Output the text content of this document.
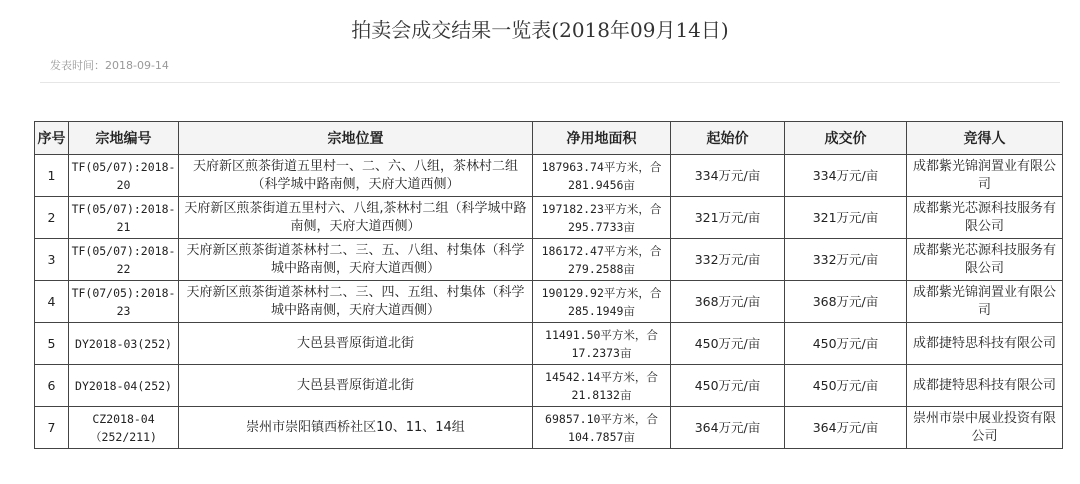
拍卖会成交结果一览表(2018年09月14日)
发表时间：2018-09-14
序号	宗地编号	宗地位置	净用地面积	起始价	成交价	竞得人
1	TF(05/07):2018-20	天府新区煎茶街道五里村一、二、六、八组，茶林村二组（科学城中路南侧，天府大道西侧）	187963.74平方米，合281.9456亩	334万元/亩	334万元/亩	成都紫光锦润置业有限公司
2	TF(05/07):2018-21	天府新区煎茶街道五里村六、八组,茶林村二组（科学城中路南侧，天府大道西侧）	197182.23平方米，合295.7733亩	321万元/亩	321万元/亩	成都紫光芯源科技服务有限公司
3	TF(05/07):2018-22	天府新区煎茶街道茶林村二、三、五、八组、村集体（科学城中路南侧，天府大道西侧）	186172.47平方米，合279.2588亩	332万元/亩	332万元/亩	成都紫光芯源科技服务有限公司
4	TF(07/05):2018-23	天府新区煎茶街道茶林村二、三、四、五组、村集体（科学城中路南侧，天府大道西侧）	190129.92平方米，合285.1949亩	368万元/亩	368万元/亩	成都紫光锦润置业有限公司
5	DY2018-03(252)	大邑县晋原街道北街	11491.50平方米，合17.2373亩	450万元/亩	450万元/亩	成都捷特思科技有限公司
6	DY2018-04(252)	大邑县晋原街道北街	14542.14平方米，合21.8132亩	450万元/亩	450万元/亩	成都捷特思科技有限公司
7	CZ2018-04（252/211)	崇州市崇阳镇西桥社区10、11、14组	69857.10平方米，合104.7857亩	364万元/亩	364万元/亩	崇州市崇中展业投资有限公司
